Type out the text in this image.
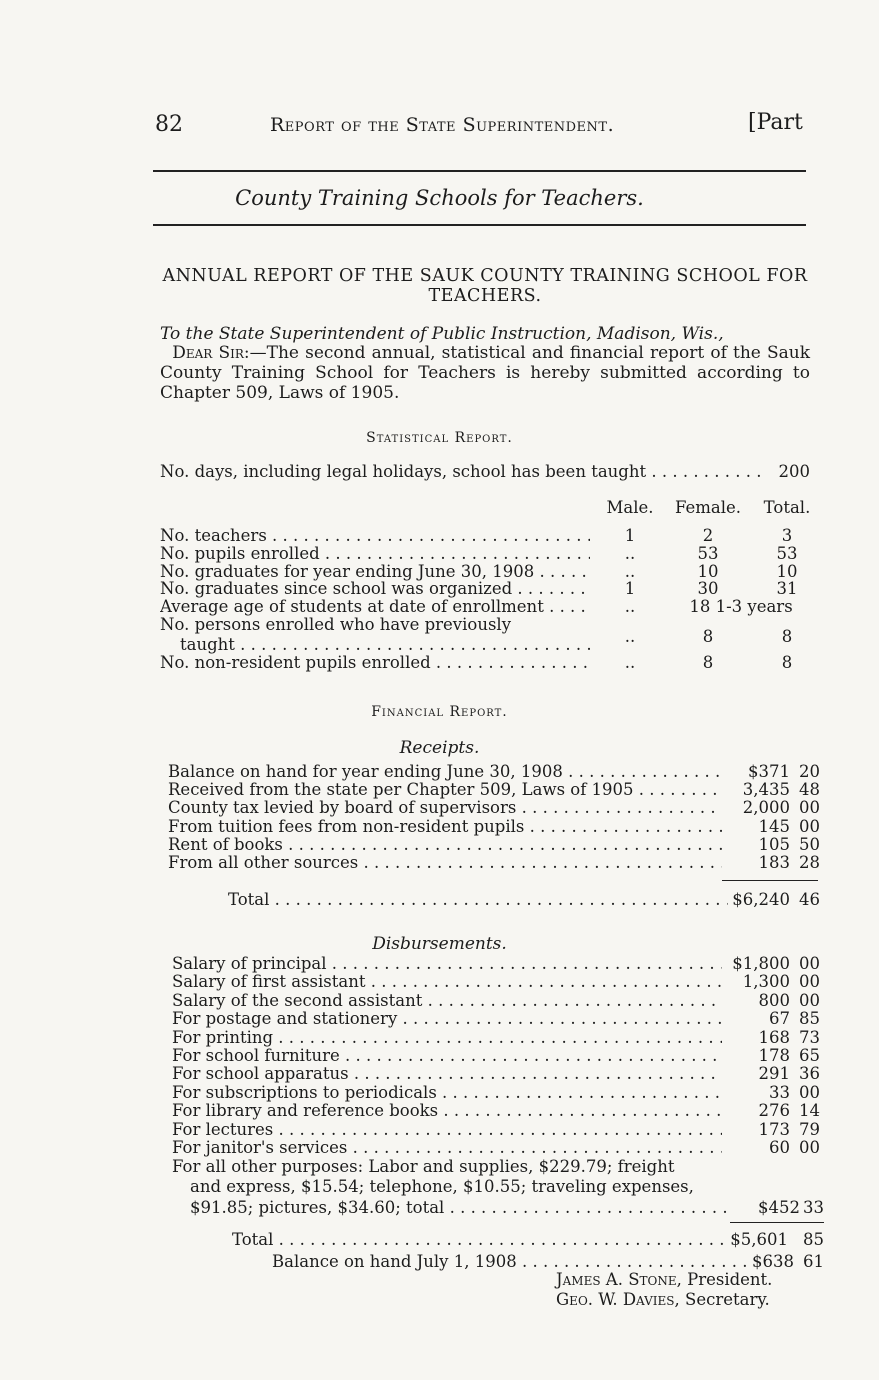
82	Report of the State Superintendent.	[Part
County Training Schools for Teachers.
ANNUAL REPORT OF THE SAUK COUNTY TRAINING SCHOOL FOR TEACHERS.
To the State Superintendent of Public Instruction, Madison, Wis.,
Dear Sir:—The second annual, statistical and financial report of the Sauk County Training School for Teachers is hereby submitted according to Chapter 509, Laws of 1905.
Statistical Report.
No. days, including legal holidays, school has been taught . . .	200
Male.	Female.	Total.
No. teachers . . .	1	2	3
No. pupils enrolled . . .	..	53	53
No. graduates for year ending June 30, 1908 . . .	..	10	10
No. graduates since school was organized . . .	1	30	31
Average age of students at date of enrollment . . .	..	18 1-3 years
No. persons enrolled who have previously
taught . . .	..	8	8
No. non-resident pupils enrolled . . .	..	8	8
Financial Report.
Receipts.
Balance on hand for year ending June 30, 1908 . . .	$371 20
Received from the state per Chapter 509, Laws of 1905 . . .	3,435 48
County tax levied by board of supervisors . . .	2,000 00
From tuition fees from non-resident pupils . . .	145 00
Rent of books . . .	105 50
From all other sources . . .	183 28
Total . . .	$6,240 46
Disbursements.
Salary of principal . . .	$1,800 00
Salary of first assistant . . .	1,300 00
Salary of the second assistant . . .	800 00
For postage and stationery . . .	67 85
For printing . . .	168 73
For school furniture . . .	178 65
For school apparatus . . .	291 36
For subscriptions to periodicals . . .	33 00
For library and reference books . . .	276 14
For lectures . . .	173 79
For janitor's services . . .	60 00
For all other purposes: Labor and supplies, $229.79; freight
and express, $15.54; telephone, $10.55; traveling expenses,
$91.85; pictures, $34.60; total . . .	$452 33
Total . . .	$5,601 85
Balance on hand July 1, 1908 . . .	$638 61
James A. Stone, President.
Geo. W. Davies, Secretary.
